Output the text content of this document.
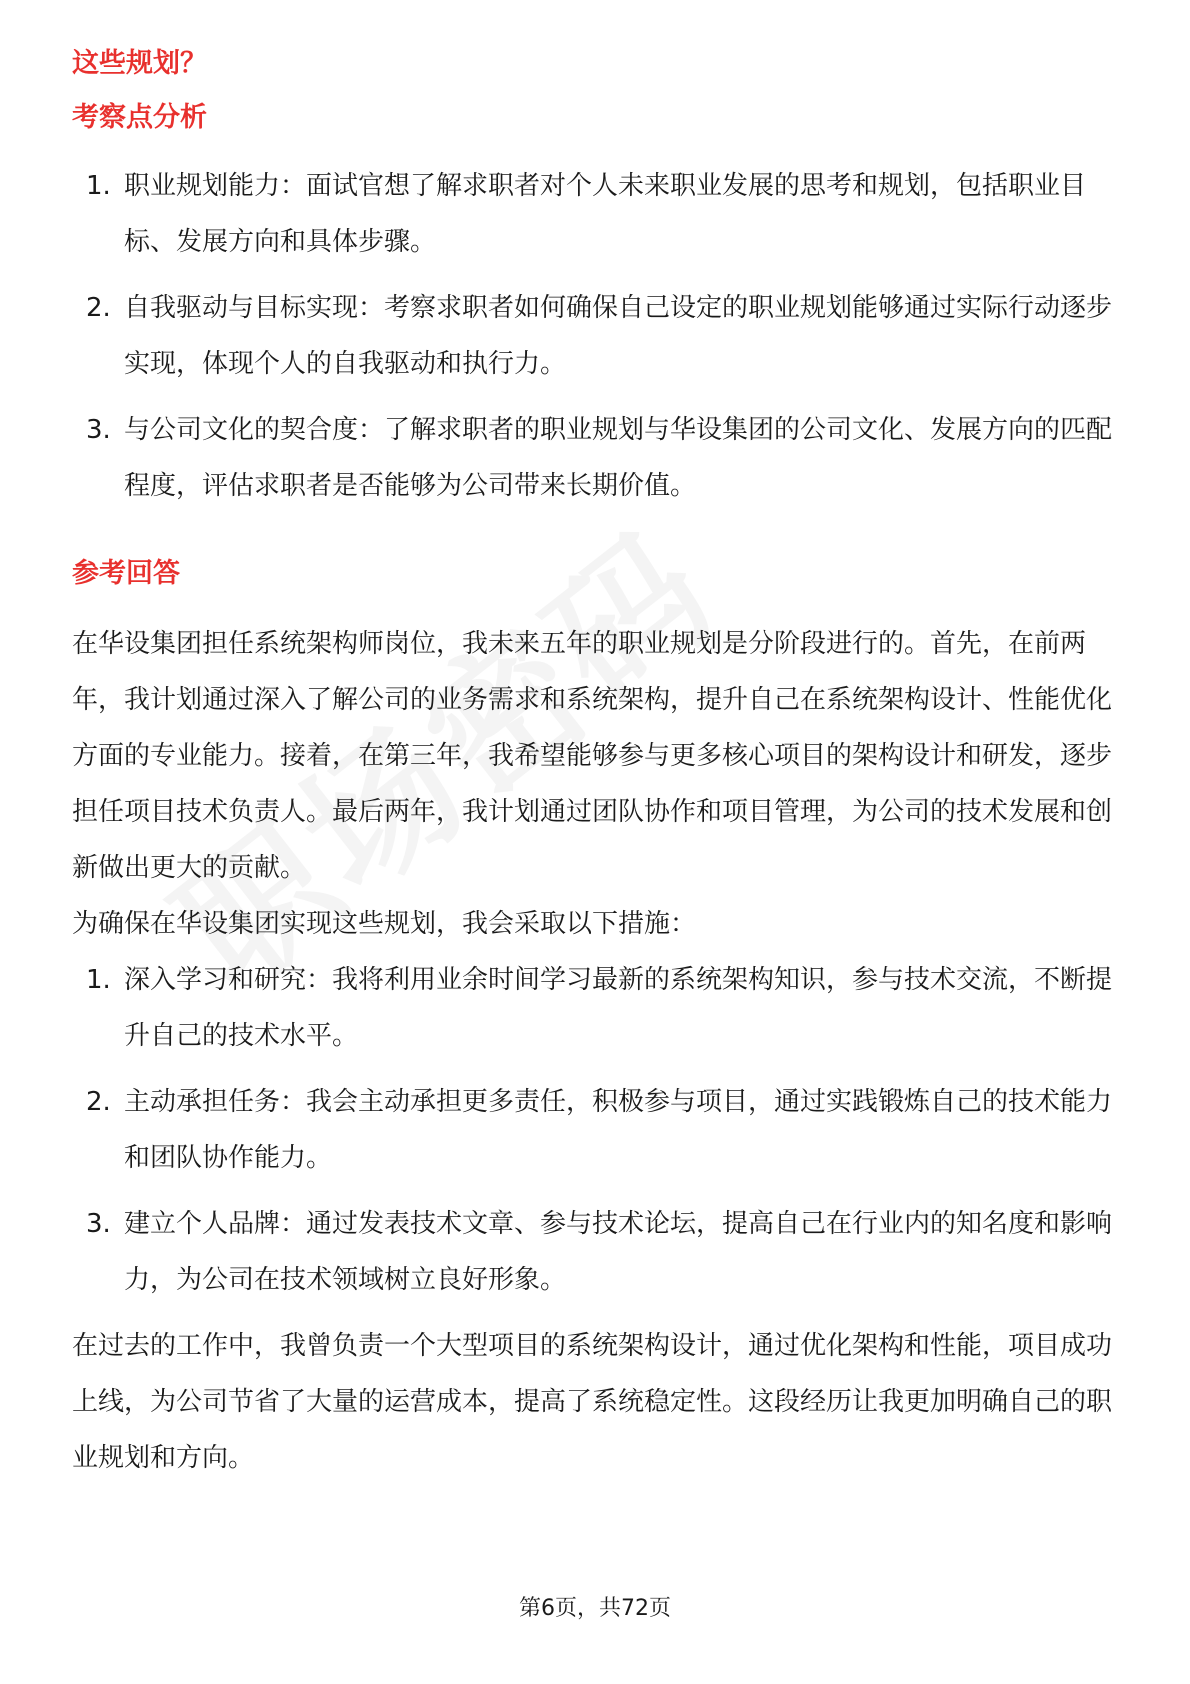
这些规划？
考察点分析
1. 职业规划能力：面试官想了解求职者对个人未来职业发展的思考和规划，包括职业目标、发展方向和具体步骤。
2. 自我驱动与目标实现：考察求职者如何确保自己设定的职业规划能够通过实际行动逐步实现，体现个人的自我驱动和执行力。
3. 与公司文化的契合度：了解求职者的职业规划与华设集团的公司文化、发展方向的匹配程度，评估求职者是否能够为公司带来长期价值。
参考回答

在华设集团担任系统架构师岗位，我未来五年的职业规划是分阶段进行的。首先，在前两年，我计划通过深入了解公司的业务需求和系统架构，提升自己在系统架构设计、性能优化方面的专业能力。接着，在第三年，我希望能够参与更多核心项目的架构设计和研发，逐步担任项目技术负责人。最后两年，我计划通过团队协作和项目管理，为公司的技术发展和创新做出更大的贡献。

为确保在华设集团实现这些规划，我会采取以下措施：

1. 深入学习和研究：我将利用业余时间学习最新的系统架构知识，参与技术交流，不断提升自己的技术水平。
2. 主动承担任务：我会主动承担更多责任，积极参与项目，通过实践锻炼自己的技术能力和团队协作能力。
3. 建立个人品牌：通过发表技术文章、参与技术论坛，提高自己在行业内的知名度和影响力，为公司在技术领域树立良好形象。

在过去的工作中，我曾负责一个大型项目的系统架构设计，通过优化架构和性能，项目成功上线，为公司节省了大量的运营成本，提高了系统稳定性。这段经历让我更加明确自己的职业规划和方向。

第6页，共72页
